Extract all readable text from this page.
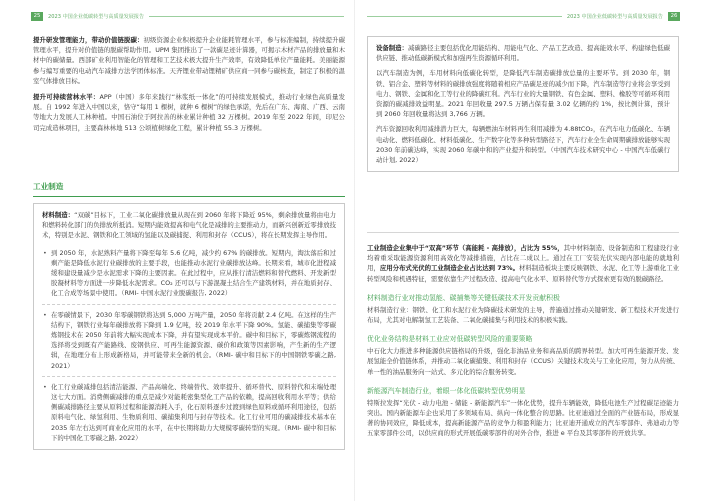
25	2023 中国企业低碳转型与高质量发展报告

提升研发管理能力，带动价值链脱碳：初级资源企业积极提升企业能耗管理水平，参与标准编制，持续提升碳管理水平，提升对价值链的脱碳帮助作用。UPM 集团推出了一款碳足迹计算器，可揭示木材产品的排放量和木材中的碳储量。西部矿业利用智能化的管理和工艺技术极大提升生产效率，有效降低单位产量能耗。美丽能源参与编写重要的电动汽车减排方法学团体标准。天齐锂业带动锂精矿供应商一同参与碳核查，制定了积极的温室气体排放目标。

提升可持续营林水平：APP（中国）多年来践行“林浆纸一体化”的可持续发展模式，推动行业绿色高质量发展。自 1992 年进入中国以来，恪守“每用 1 棵树，就种 6 棵树”的绿色承诺，先后在广东、海南、广西、云南等地大力发展人工林种植。中国石油位于阿拉善的林业累计种植 32 万棵树。2019 年至 2022 年间，印尼公司完成造林项目，主要森林林地 513 公顷植树绿化工程，累计种植 55.3 万棵树。

工业制造

材料制造：“双碳”目标下，工业二氧化碳排放量从现在到 2060 年将下降近 95%，剩余排放量将由电力和燃料转化部门的负排放所抵消。短期内能效提高和电气化是减排的主要推动力，而新兴创新近零排放技术，特别是水泥、钢铁和化工领域的氢能以及碳捕捉、利用和封存（CCUS），将在长期发挥主导作用。

• 到 2050 年，水泥熟料产量将下降至每年 5.6 亿吨，减少约 67% 的碳排放。短期内，淘汰落后和过剩产能是降低水泥行业碳排放的主要手段，也能推动水泥行业碳排放达峰。长期来看，城市化进程减缓和建设量减少是水泥需求下降的主要因素。在此过程中，应从推行清洁燃料和替代燃料、开发新型胶凝材料等方面进一步降低水泥需求。CO₂ 还可以与下游混凝土结合生产建筑材料，并在地质封存、化工合成等场景中使用。（RMI- 中国水泥行业脱碳报告, 2022）
• 在零碳情景下，2030 年零碳钢铁将达到 5,000 万吨产量，2050 年将贡献 2.4 亿吨。在这样的生产结构下，钢铁行业每年碳排放将下降到 1.9 亿吨，较 2019 年水平下降 90%。氢能、碳捕集等零碳炼钢技术在 2050 年前将大幅实现成本下降，并有望实现成本平价。碳中和目标下，零碳炼钢流程的选择将受到既有产能路线、废钢供应、可再生能源资源、碳价和政策等因素影响，产生新的生产逻辑，在地理分布上形成新格局，并可能带来全新的机会。（RMI- 碳中和目标下的中国钢铁零碳之路, 2021）
• 化工行业碳减排包括清洁能源、产品高端化、终端替代、效率提升、循环替代、原料替代和末端处理这七大方面。消费侧碳减排的重点是减少对能耗密集型化工产品的依赖，提高回收利用水平等；供给侧碳减排路径主要从原料过程和能源消耗入手，化石原料逐步过渡到绿色原料或循环利用途径，包括原料电气化、绿氢利用、生物质利用、碳捕集利用与封存等技术。化工行业可用的碳减排技术基本在 2035 年左右达到可商业化应用的水平，在中长期将助力大规模零碳转型的实现。（RMI- 碳中和目标下的中国化工零碳之路, 2022）
2023 中国企业低碳转型与高质量发展报告	26

设备制造：减碳路径主要包括优化用能结构、用能电气化、产品工艺改造、提高能效水平、构建绿色低碳供应链、推动低碳新模式和加强再生资源循环利用。

以汽车制造为例，车用材料向低碳化转型，是降低汽车制造碳排放总量的主要环节。到 2030 年，钢铁、铝合金、塑料等材料的碳排放强度将随着相应产品碳足迹的减少而下降，汽车制造等行业将会享受到电力、钢铁、金属和化工等行业的降碳红利。汽车行业的大量钢铁、有色金属、塑料、橡胶等可循环利用资源的碳减排效益明显。2021 年回收量 297.5 万辆占保有量 3.02 亿辆的约 1%，按比例计算，预计到 2060 年回收量将达到 3,766 万辆。

汽车资源回收利用减排潜力巨大，每辆燃油车材料再生利用减排为 4.88tCO₂，在汽车电力低碳化、车辆电动化、燃料低碳化、材料低碳化、生产数字化等多种转型路径下，汽车行业全生命周期碳排放能够实现 2030 年前碳达峰，实现 2060 年碳中和的产业提升和转型。（中国汽车技术研究中心 - 中国汽车低碳行动计划, 2022）

工业制造企业集中于“双高”环节（高能耗 - 高排放），占比为 55%，其中材料制造、设备制造和工程建设行业均着重采取能源资源利用高效化等减排措施，占比在二成以上。通过在工厂安装光伏实现内部电能的就地利用，应用分布式光伏的工业制造企业占比达到 73%。材料制造板块主要反映钢铁、水泥、化工等上游重化工业转型风险和机遇特征，需要依靠生产过程改造、提高电气化水平、原料替代等方式探索更有效的脱碳路径。

材料制造行业对推动氢能、碳捕集等关键低碳技术开发贡献积极

材料制造行业：钢铁、化工和水泥行业为降碳技术研发的主导，普遍通过推动关键研发、新工程技术开发进行布局，尤其对电解制氢工艺装备、二氧化碳捕集与利用技术的积极实践。

优化业务结构是材料工业应对低碳转型风险的重要策略

中石化大力推进多种能源供应链格局的升级，强化非油品业务和高品质的跨界转型。加大可再生能源开发、发展氢能全价值链体系，并推动二氧化碳捕集、利用和封存（CCUS）关键技术攻关与工业化应用，努力从传统、单一性的油品服务向一站式、多元化的综合服务转变。

新能源汽车制造行业，着眼一体化低碳转型优势明显

特斯拉发挥“光伏 - 动力电池 - 储能 - 新能源汽车”一体化优势，提升车辆能效，降低电池生产过程碳足迹能力突出。国内新能源车企也采用了多领域布局、纵向一体化整合的思路。比亚迪通过全面的产业链布局，形成显著的协同效应，降低成本，提高新能源产品的竞争力和盈利能力；比亚迪开通成立的汽车零部件、弗迪动力等五家零部件公司，以供应商的形式开展低碳零部件的对外合作，推进 e 平台及其零部件的开放共享。
